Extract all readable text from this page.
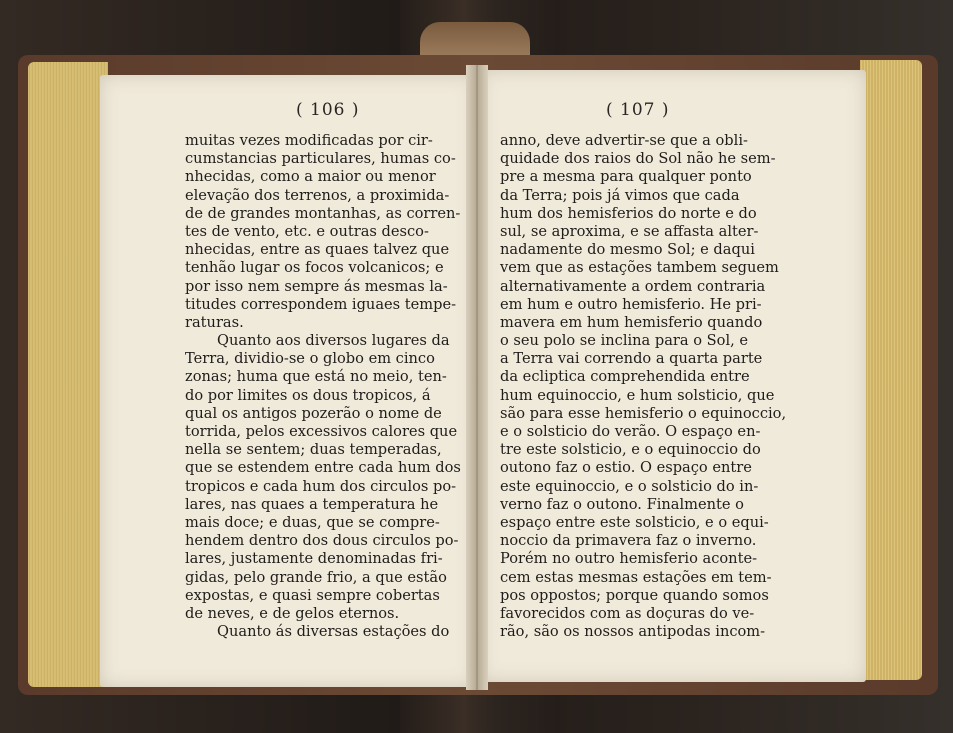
( 106 )	( 107 )
muitas vezes modificadas por cir-
cumstancias particulares, humas co-
nhecidas, como a maior ou menor
elevação dos terrenos, a proximida-
de de grandes montanhas, as corren-
tes de vento, etc. e outras desco-
nhecidas, entre as quaes talvez que
tenhão lugar os focos volcanicos; e
por isso nem sempre ás mesmas la-
titudes correspondem iguaes tempe-
raturas.
Quanto aos diversos lugares da
Terra, dividio-se o globo em cinco
zonas; huma que está no meio, ten-
do por limites os dous tropicos, á
qual os antigos pozerão o nome de
torrida, pelos excessivos calores que
nella se sentem; duas temperadas,
que se estendem entre cada hum dos
tropicos e cada hum dos circulos po-
lares, nas quaes a temperatura he
mais doce; e duas, que se compre-
hendem dentro dos dous circulos po-
lares, justamente denominadas fri-
gidas, pelo grande frio, a que estão
expostas, e quasi sempre cobertas
de neves, e de gelos eternos.
Quanto ás diversas estações do
anno, deve advertir-se que a obli-
quidade dos raios do Sol não he sem-
pre a mesma para qualquer ponto
da Terra; pois já vimos que cada
hum dos hemisferios do norte e do
sul, se aproxima, e se affasta alter-
nadamente do mesmo Sol; e daqui
vem que as estações tambem seguem
alternativamente a ordem contraria
em hum e outro hemisferio. He pri-
mavera em hum hemisferio quando
o seu polo se inclina para o Sol, e
a Terra vai correndo a quarta parte
da ecliptica comprehendida entre
hum equinoccio, e hum solsticio, que
são para esse hemisferio o equinoccio,
e o solsticio do verão. O espaço en-
tre este solsticio, e o equinoccio do
outono faz o estio. O espaço entre
este equinoccio, e o solsticio do in-
verno faz o outono. Finalmente o
espaço entre este solsticio, e o equi-
noccio da primavera faz o inverno.
Porém no outro hemisferio aconte-
cem estas mesmas estações em tem-
pos oppostos; porque quando somos
favorecidos com as doçuras do ve-
rão, são os nossos antipodas incom-
